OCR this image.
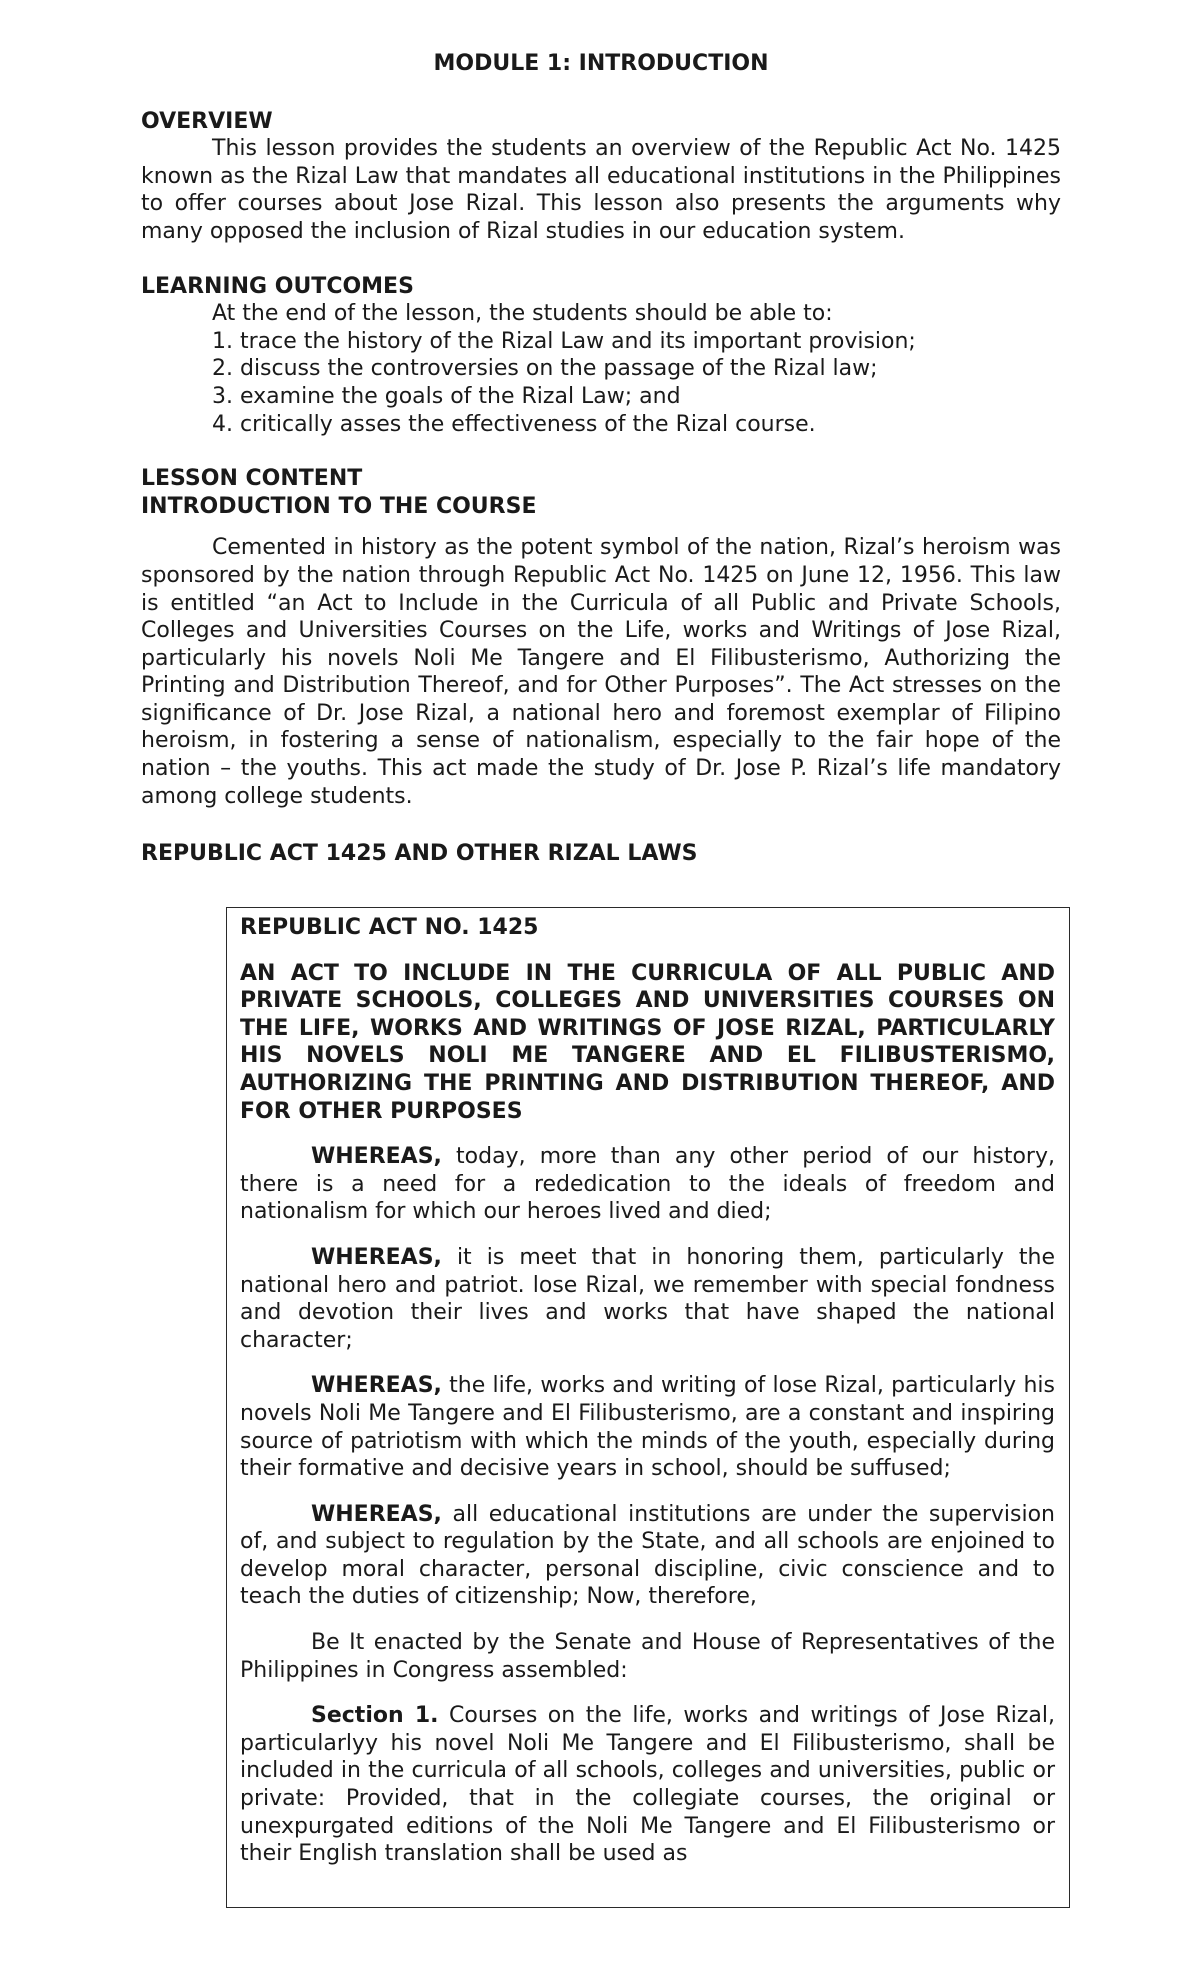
MODULE 1: INTRODUCTION

OVERVIEW

This lesson provides the students an overview of the Republic Act No. 1425 known as the Rizal Law that mandates all educational institutions in the Philippines to offer courses about Jose Rizal. This lesson also presents the arguments why many opposed the inclusion of Rizal studies in our education system.

LEARNING OUTCOMES

At the end of the lesson, the students should be able to:

1. trace the history of the Rizal Law and its important provision;
2. discuss the controversies on the passage of the Rizal law;
3. examine the goals of the Rizal Law; and
4. critically asses the effectiveness of the Rizal course.

LESSON CONTENT

INTRODUCTION TO THE COURSE

Cemented in history as the potent symbol of the nation, Rizal’s heroism was sponsored by the nation through Republic Act No. 1425 on June 12, 1956. This law is entitled “an Act to Include in the Curricula of all Public and Private Schools, Colleges and Universities Courses on the Life, works and Writings of Jose Rizal, particularly his novels Noli Me Tangere and El Filibusterismo, Authorizing the Printing and Distribution Thereof, and for Other Purposes”. The Act stresses on the significance of Dr. Jose Rizal, a national hero and foremost exemplar of Filipino heroism, in fostering a sense of nationalism, especially to the fair hope of the nation – the youths. This act made the study of Dr. Jose P. Rizal’s life mandatory among college students.

REPUBLIC ACT 1425 AND OTHER RIZAL LAWS

REPUBLIC ACT NO. 1425

AN ACT TO INCLUDE IN THE CURRICULA OF ALL PUBLIC AND PRIVATE SCHOOLS, COLLEGES AND UNIVERSITIES COURSES ON THE LIFE, WORKS AND WRITINGS OF JOSE RIZAL, PARTICULARLY HIS NOVELS NOLI ME TANGERE AND EL FILIBUSTERISMO, AUTHORIZING THE PRINTING AND DISTRIBUTION THEREOF, AND FOR OTHER PURPOSES

WHEREAS, today, more than any other period of our history, there is a need for a rededication to the ideals of freedom and nationalism for which our heroes lived and died;

WHEREAS, it is meet that in honoring them, particularly the national hero and patriot. lose Rizal, we remember with special fondness and devotion their lives and works that have shaped the national character;

WHEREAS, the life, works and writing of lose Rizal, particularly his novels Noli Me Tangere and El Filibusterismo, are a constant and inspiring source of patriotism with which the minds of the youth, especially during their formative and decisive years in school, should be suffused;

WHEREAS, all educational institutions are under the supervision of, and subject to regulation by the State, and all schools are enjoined to develop moral character, personal discipline, civic conscience and to teach the duties of citizenship; Now, therefore,

Be It enacted by the Senate and House of Representatives of the Philippines in Congress assembled:

Section 1. Courses on the life, works and writings of Jose Rizal, particularlyy his novel Noli Me Tangere and El Filibusterismo, shall be included in the curricula of all schools, colleges and universities, public or private: Provided, that in the collegiate courses, the original or unexpurgated editions of the Noli Me Tangere and El Filibusterismo or their English translation shall be used as
